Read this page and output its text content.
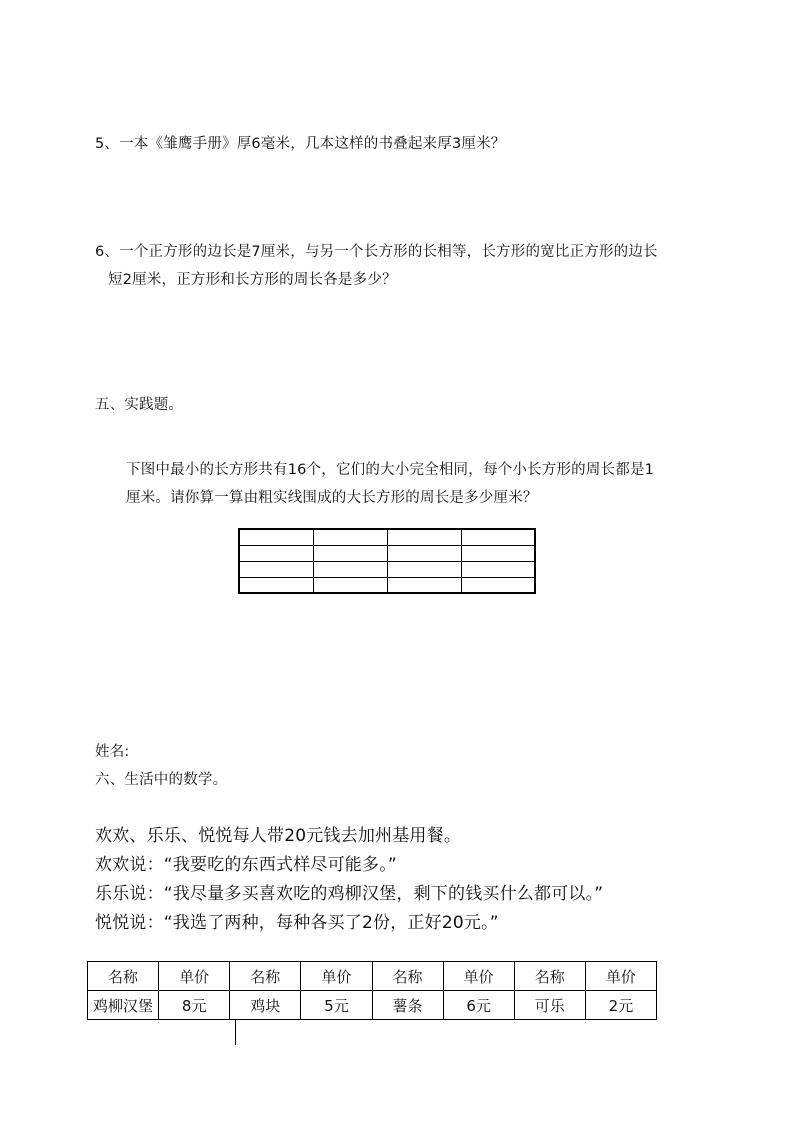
5、一本《雏鹰手册》厚6毫米，几本这样的书叠起来厚3厘米？
6、一个正方形的边长是7厘米，与另一个长方形的长相等，长方形的宽比正方形的边长
短2厘米，正方形和长方形的周长各是多少？
五、实践题。
下图中最小的长方形共有16个，它们的大小完全相同，每个小长方形的周长都是1
厘米。请你算一算由粗实线围成的大长方形的周长是多少厘米？
姓名:
六、生活中的数学。
欢欢、乐乐、悦悦每人带20元钱去加州基用餐。
欢欢说：“我要吃的东西式样尽可能多。”
乐乐说：“我尽量多买喜欢吃的鸡柳汉堡，剩下的钱买什么都可以。”
悦悦说：“我选了两种，每种各买了2份，正好20元。”
名称	单价	名称	单价	名称	单价	名称	单价
鸡柳汉堡	8元	鸡块	5元	薯条	6元	可乐	2元
